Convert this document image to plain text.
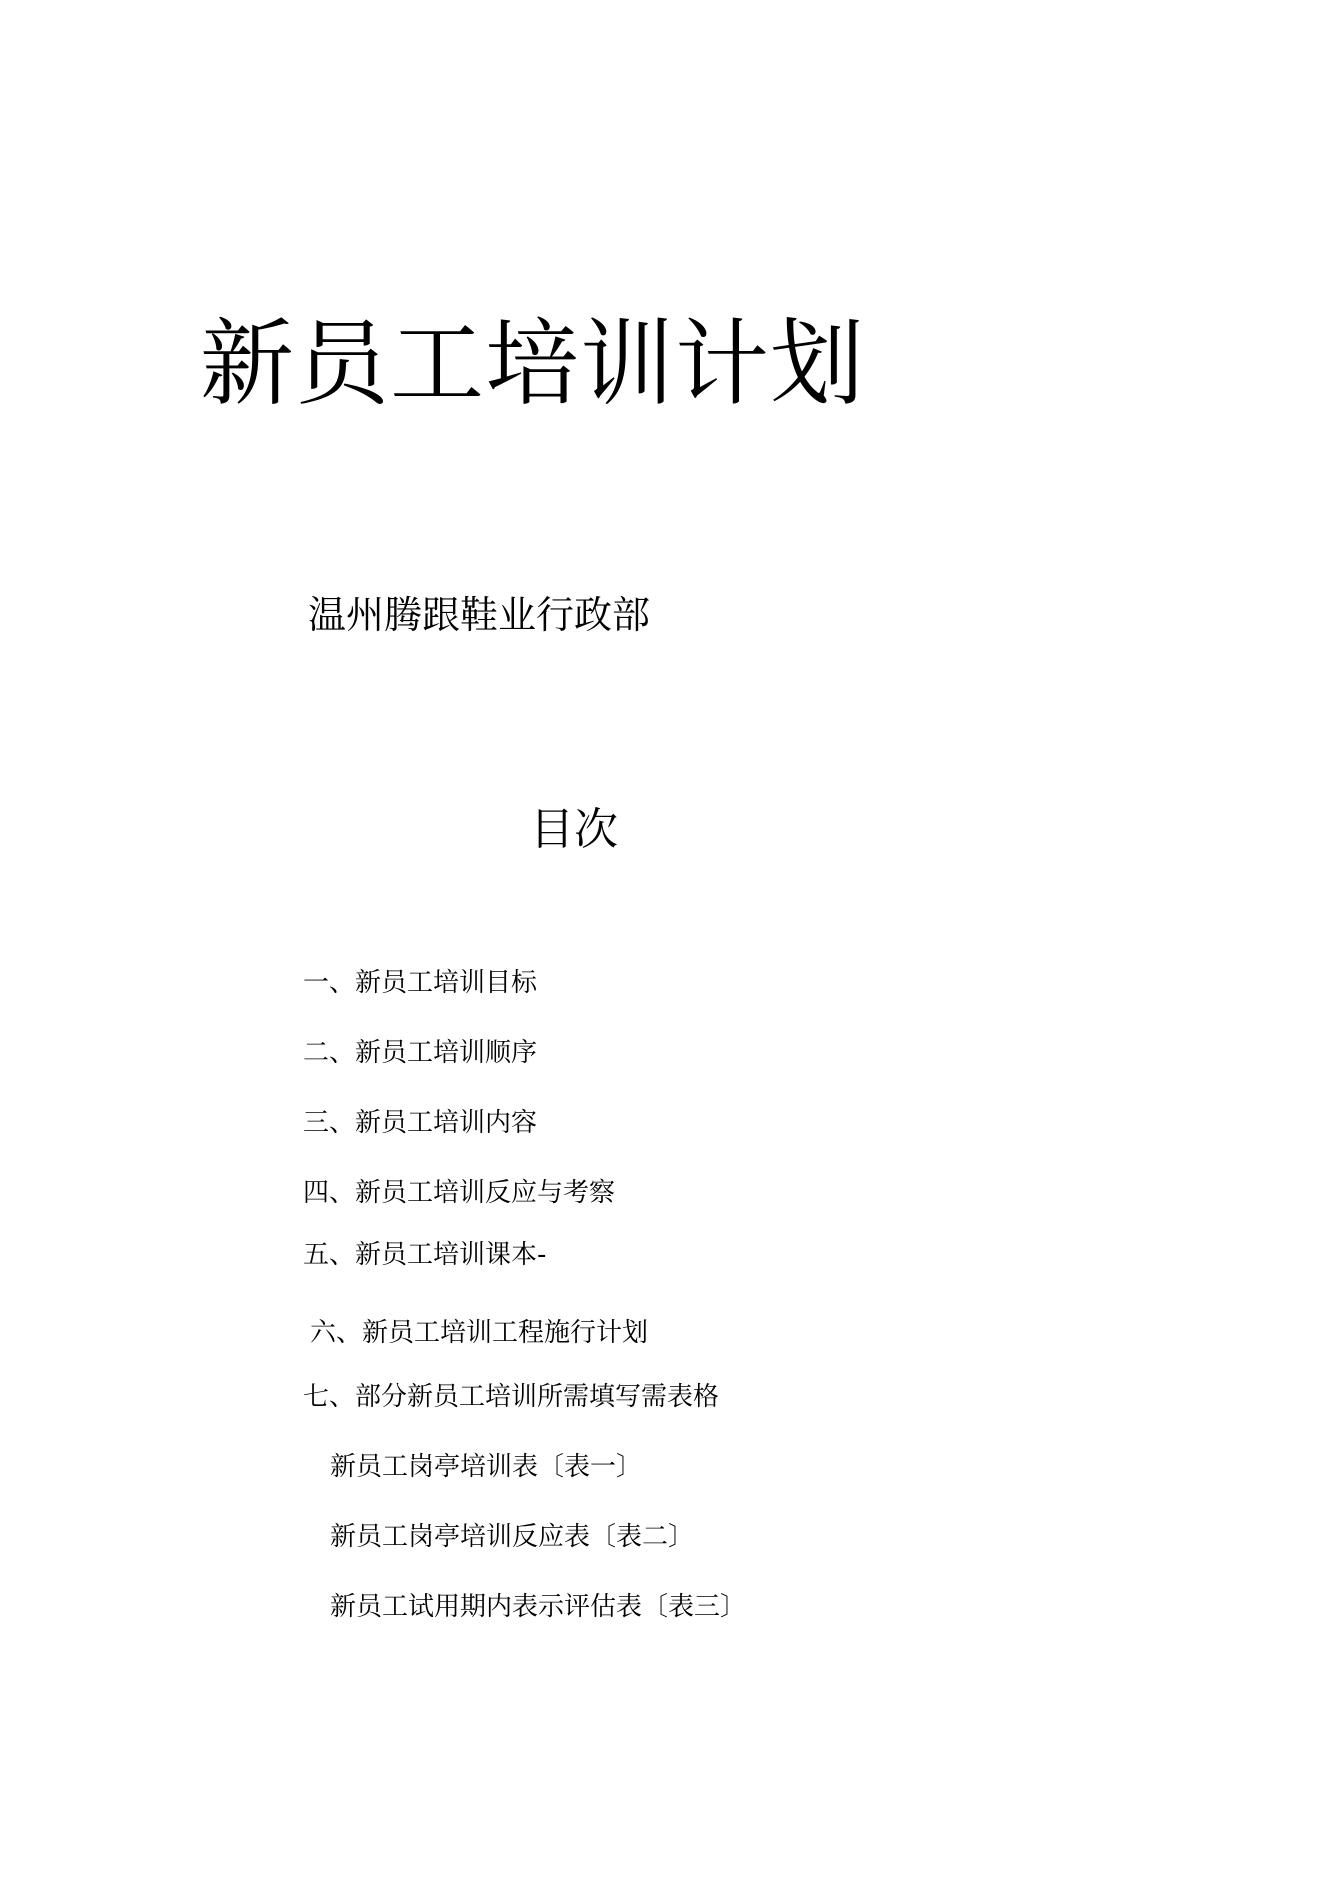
新员工培训计划
温州腾跟鞋业行政部
目次
一、新员工培训目标
二、新员工培训顺序
三、新员工培训内容
四、新员工培训反应与考察
五、新员工培训课本-
六、新员工培训工程施行计划
七、部分新员工培训所需填写需表格
新员工岗亭培训表〔表一〕
新员工岗亭培训反应表〔表二〕
新员工试用期内表示评估表〔表三〕
